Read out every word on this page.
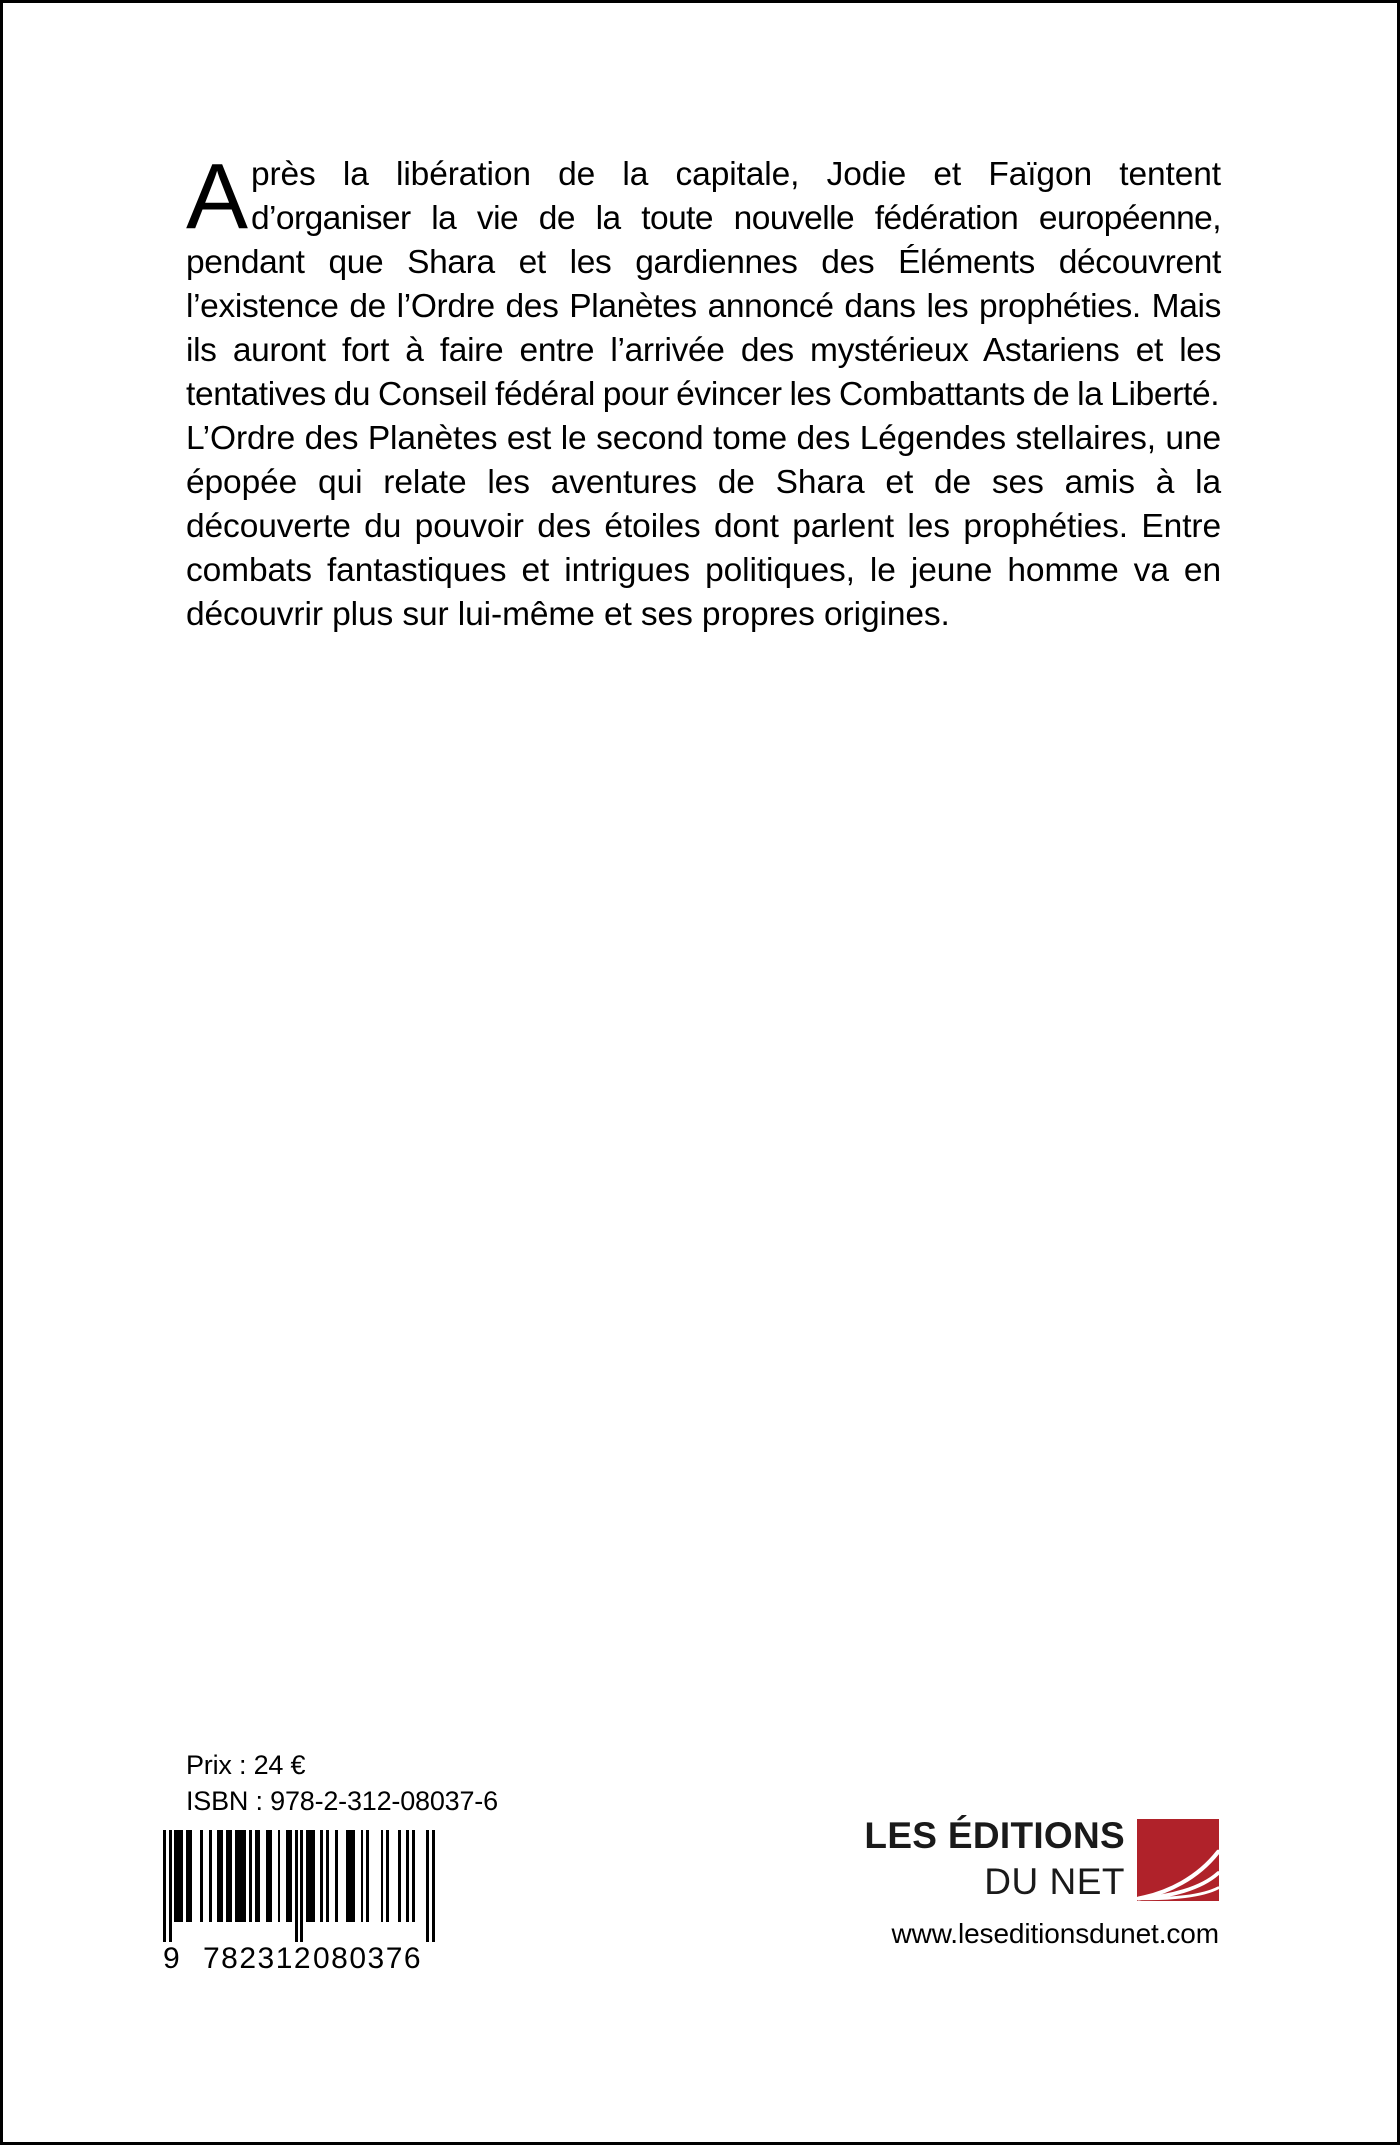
Après la libération de la capitale, Jodie et Faïgon tentent d’organiser la vie de la toute nouvelle fédération européenne, pendant que Shara et les gardiennes des Éléments découvrent l’existence de l’Ordre des Planètes annoncé dans les prophéties. Mais ils auront fort à faire entre l’arrivée des mystérieux Astariens et les tentatives du Conseil fédéral pour évincer les Combattants de la Liberté.

L’Ordre des Planètes est le second tome des Légendes stellaires, une épopée qui relate les aventures de Shara et de ses amis à la découverte du pouvoir des étoiles dont parlent les prophéties. Entre combats fantastiques et intrigues politiques, le jeune homme va en découvrir plus sur lui-même et ses propres origines.

Prix : 24 €
ISBN : 978-2-312-08037-6
9 782312 080376
LES ÉDITIONS
DU NET
www.leseditionsdunet.com
